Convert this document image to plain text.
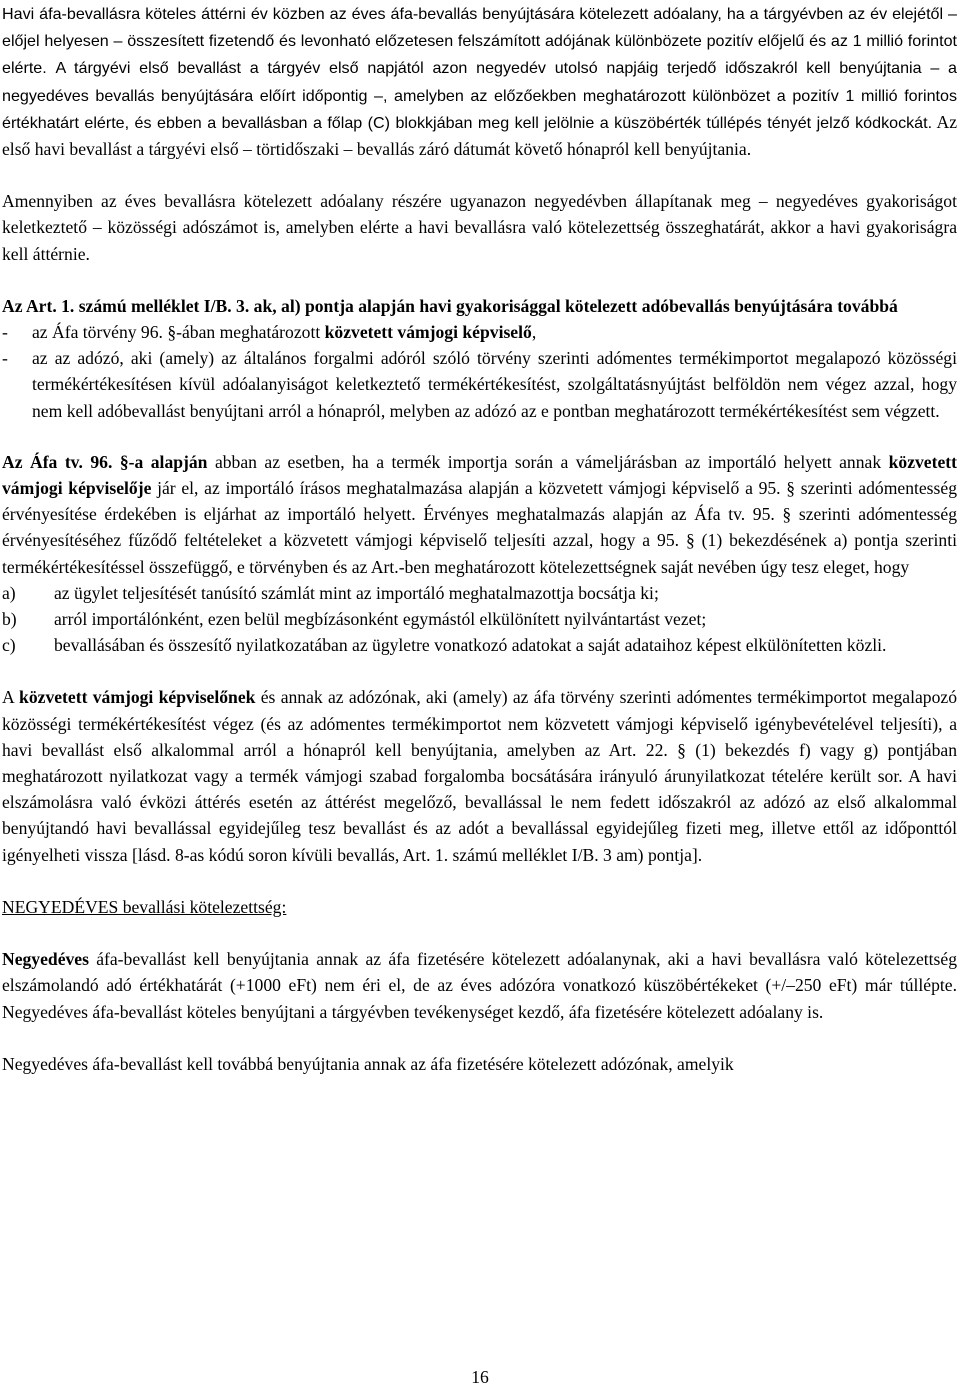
Havi áfa-bevallásra köteles áttérni év közben az éves áfa-bevallás benyújtására kötelezett adóalany, ha a tárgyévben az év elejétől – előjel helyesen – összesített fizetendő és levonható előzetesen felszámított adójának különbözete pozitív előjelű és az 1 millió forintot elérte. A tárgyévi első bevallást a tárgyév első napjától azon negyedév utolsó napjáig terjedő időszakról kell benyújtania – a negyedéves bevallás benyújtására előírt időpontig –, amelyben az előzőekben meghatározott különbözet a pozitív 1 millió forintos értékhatárt elérte, és ebben a bevallásban a főlap (C) blokkjában meg kell jelölnie a küszöbérték túllépés tényét jelző kódkockát. Az első havi bevallást a tárgyévi első – törtidőszaki – bevallás záró dátumát követő hónapról kell benyújtania.

Amennyiben az éves bevallásra kötelezett adóalany részére ugyanazon negyedévben állapítanak meg – negyedéves gyakoriságot keletkeztető – közösségi adószámot is, amelyben elérte a havi bevallásra való kötelezettség összeghatárát, akkor a havi gyakoriságra kell áttérnie.

Az Art. 1. számú melléklet I/B. 3. ak, al) pontja alapján havi gyakorisággal kötelezett adóbevallás benyújtására továbbá

-	az Áfa törvény 96. §-ában meghatározott közvetett vámjogi képviselő,
-	az az adózó, aki (amely) az általános forgalmi adóról szóló törvény szerinti adómentes termékimportot megalapozó közösségi termékértékesítésen kívül adóalanyiságot keletkeztető termékértékesítést, szolgáltatásnyújtást belföldön nem végez azzal, hogy nem kell adóbevallást benyújtani arról a hónapról, melyben az adózó az e pontban meghatározott termékértékesítést sem végzett.

Az Áfa tv. 96. §-a alapján abban az esetben, ha a termék importja során a vámeljárásban az importáló helyett annak közvetett vámjogi képviselője jár el, az importáló írásos meghatalmazása alapján a közvetett vámjogi képviselő a 95. § szerinti adómentesség érvényesítése érdekében is eljárhat az importáló helyett. Érvényes meghatalmazás alapján az Áfa tv. 95. § szerinti adómentesség érvényesítéséhez fűződő feltételeket a közvetett vámjogi képviselő teljesíti azzal, hogy a 95. § (1) bekezdésének a) pontja szerinti termékértékesítéssel összefüggő, e törvényben és az Art.-ben meghatározott kötelezettségnek saját nevében úgy tesz eleget, hogy

a)	az ügylet teljesítését tanúsító számlát mint az importáló meghatalmazottja bocsátja ki;
b)	arról importálónként, ezen belül megbízásonként egymástól elkülönített nyilvántartást vezet;
c)	bevallásában és összesítő nyilatkozatában az ügyletre vonatkozó adatokat a saját adataihoz képest elkülönítetten közli.

A közvetett vámjogi képviselőnek és annak az adózónak, aki (amely) az áfa törvény szerinti adómentes termékimportot megalapozó közösségi termékértékesítést végez (és az adómentes termékimportot nem közvetett vámjogi képviselő igénybevételével teljesíti), a havi bevallást első alkalommal arról a hónapról kell benyújtania, amelyben az Art. 22. § (1) bekezdés f) vagy g) pontjában meghatározott nyilatkozat vagy a termék vámjogi szabad forgalomba bocsátására irányuló árunyilatkozat tételére került sor. A havi elszámolásra való évközi áttérés esetén az áttérést megelőző, bevallással le nem fedett időszakról az adózó az első alkalommal benyújtandó havi bevallással egyidejűleg tesz bevallást és az adót a bevallással egyidejűleg fizeti meg, illetve ettől az időponttól igényelheti vissza [lásd. 8-as kódú soron kívüli bevallás, Art. 1. számú melléklet I/B. 3 am) pontja].

NEGYEDÉVES bevallási kötelezettség:

Negyedéves áfa-bevallást kell benyújtania annak az áfa fizetésére kötelezett adóalanynak, aki a havi bevallásra való kötelezettség elszámolandó adó értékhatárát (+1000 eFt) nem éri el, de az éves adózóra vonatkozó küszöbértékeket (+/–250 eFt) már túllépte. Negyedéves áfa-bevallást köteles benyújtani a tárgyévben tevékenységet kezdő, áfa fizetésére kötelezett adóalany is.

Negyedéves áfa-bevallást kell továbbá benyújtania annak az áfa fizetésére kötelezett adózónak, amelyik

16
